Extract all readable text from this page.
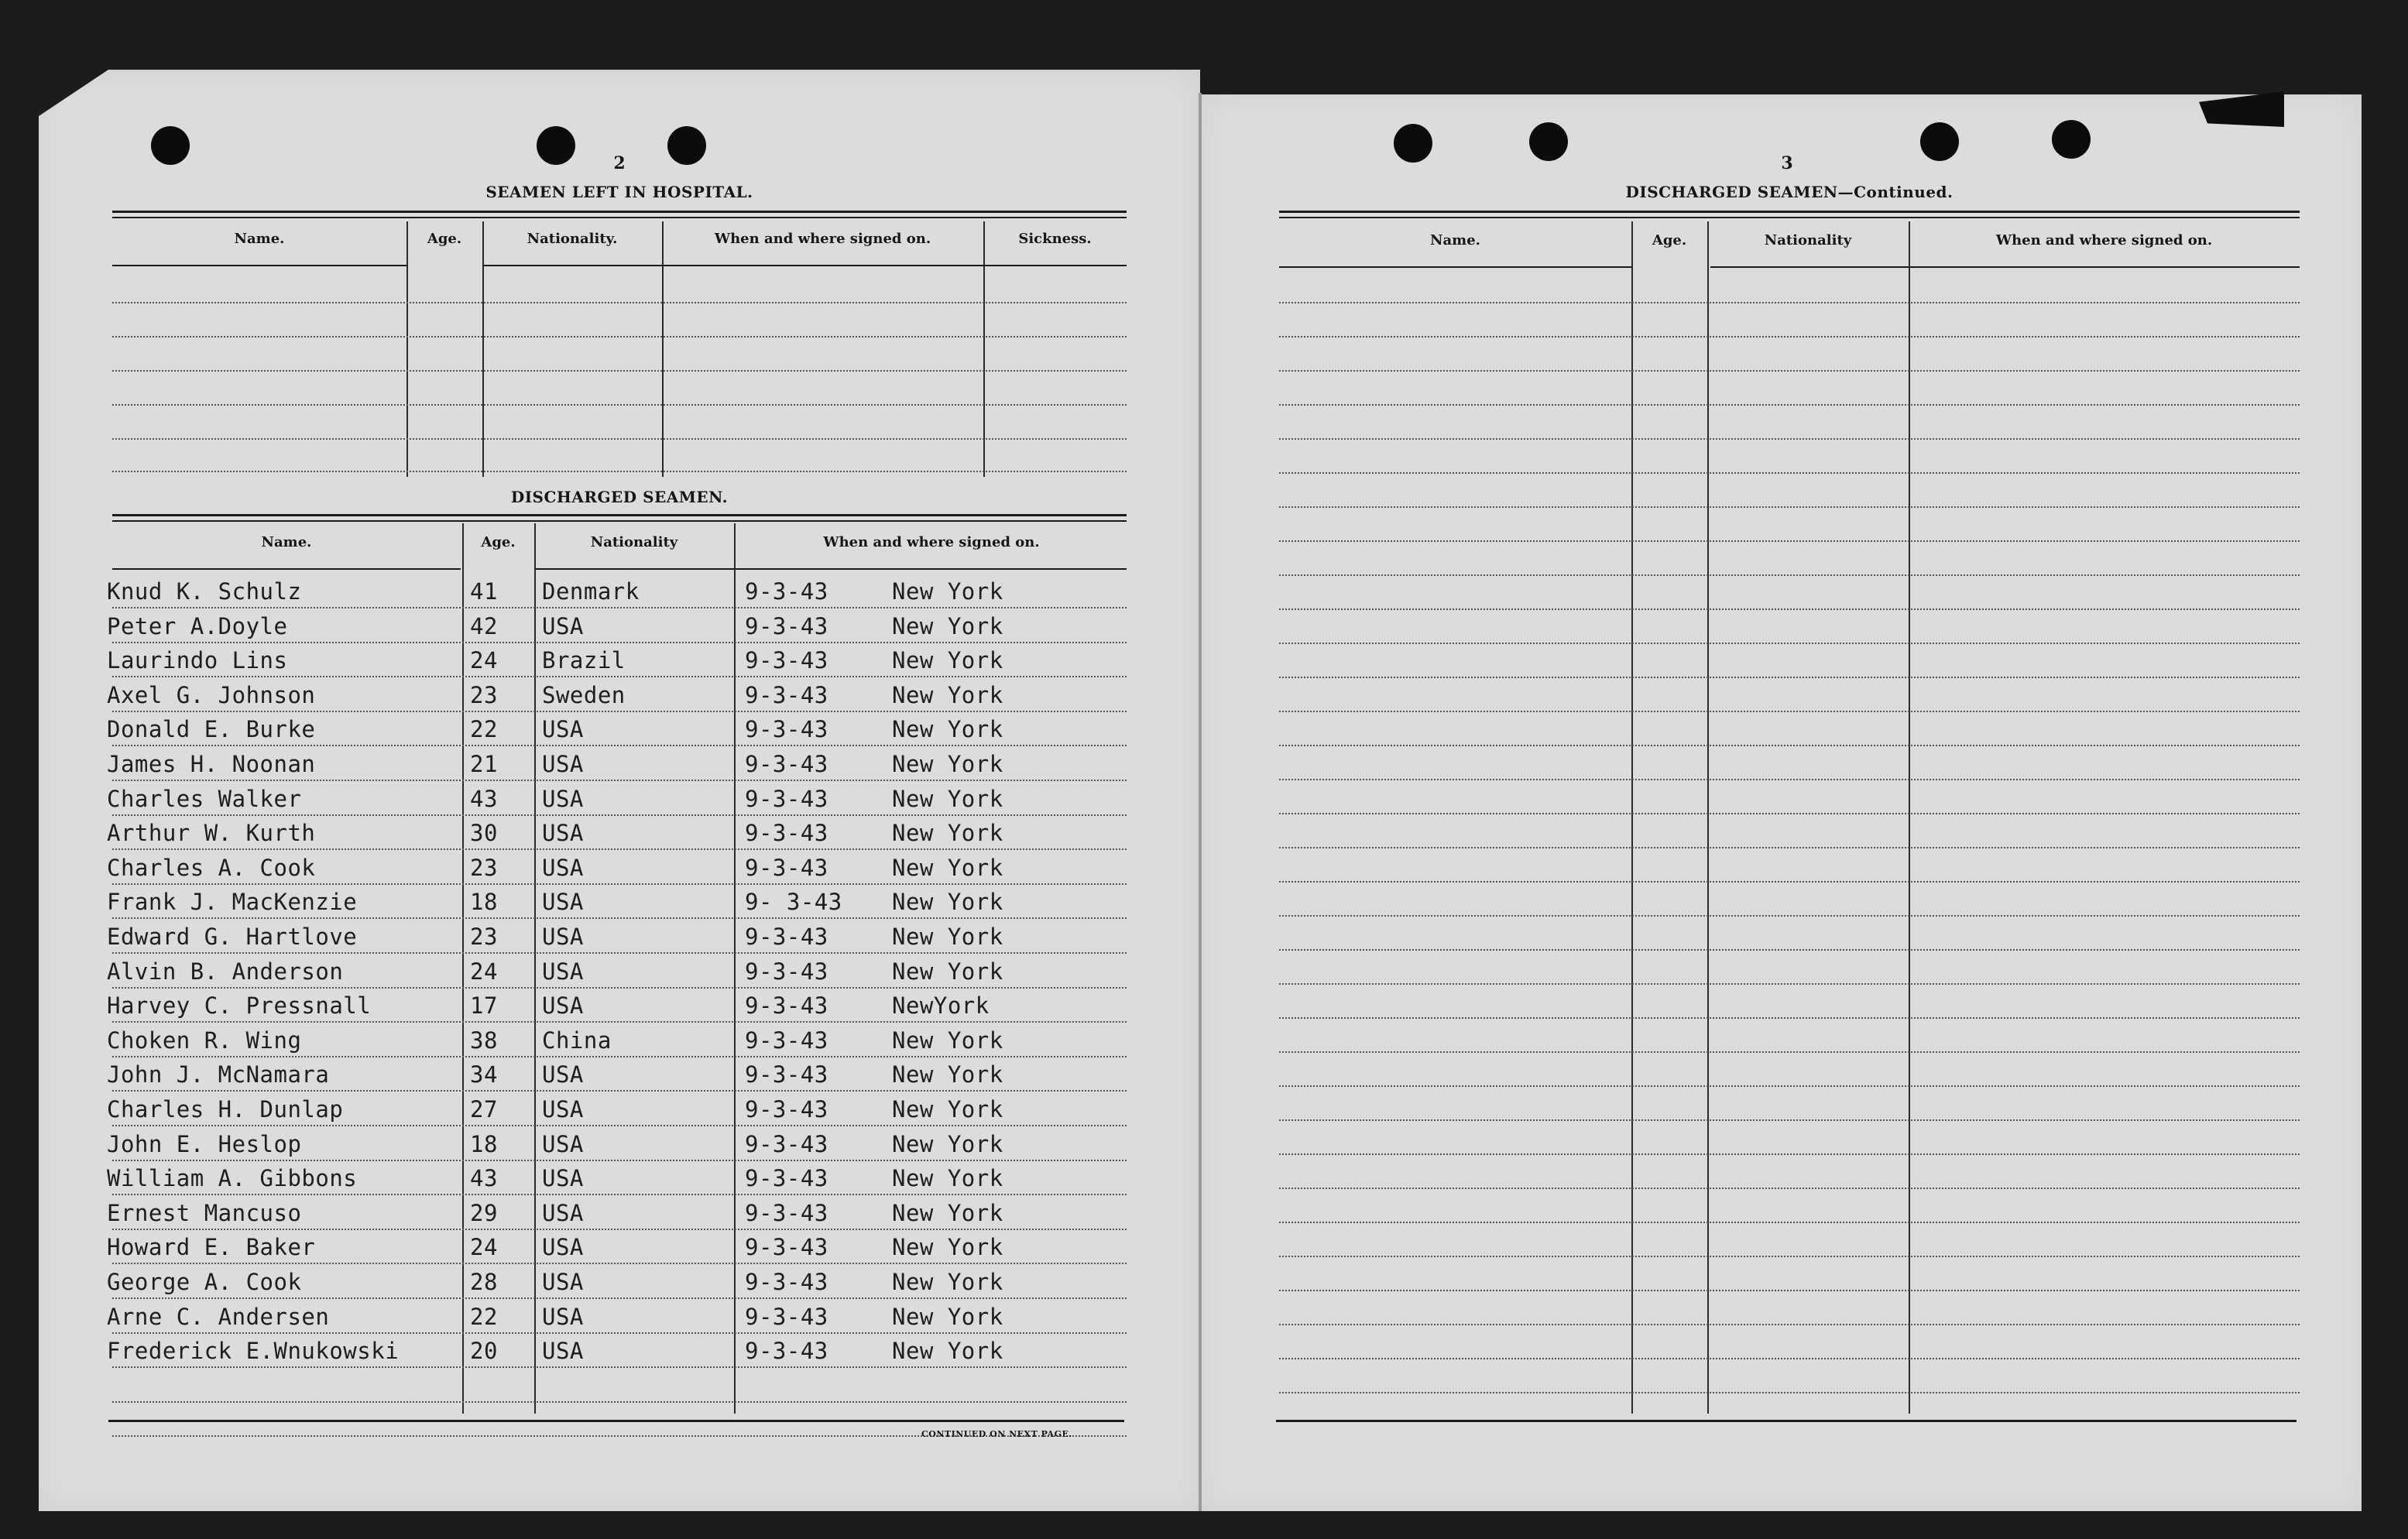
2
SEAMEN LEFT IN HOSPITAL.
Name.	Age.	Nationality.	When and where signed on.	Sickness.
DISCHARGED SEAMEN.
Name.	Age.	Nationality	When and where signed on.
Knud K. Schulz	41 Denmark	9-3-43	New York
Peter A.Doyle	42 USA	9-3-43	New York
Laurindo Lins	24 Brazil	9-3-43	New York
Axel G. Johnson	23 Sweden	9-3-43	New York
Donald E. Burke	22 USA	9-3-43	New York
James H. Noonan	21 USA	9-3-43	New York
Charles Walker	43 USA	9-3-43	New York
Arthur W. Kurth	30 USA	9-3-43	New York
Charles A. Cook	23 USA	9-3-43	New York
Frank J. MacKenzie	18 USA	9- 3-43 New York
Edward G. Hartlove	23 USA	9-3-43	New York
Alvin B. Anderson	24 USA	9-3-43	New York
Harvey C. Pressnall	17 USA	9-3-43	NewYork
Choken R. Wing	38 China	9-3-43	New York
John J. McNamara	34 USA	9-3-43	New York
Charles H. Dunlap	27 USA	9-3-43	New York
John E. Heslop	18 USA	9-3-43	New York
William A. Gibbons	43 USA	9-3-43	New York
Ernest Mancuso	29 USA	9-3-43	New York
Howard E. Baker	24 USA	9-3-43	New York
George A. Cook	28 USA	9-3-43	New York
Arne C. Andersen	22 USA	9-3-43	New York
Frederick E.Wnukowski	20 USA	9-3-43	New York
CONTINUED ON NEXT PAGE.
3
DISCHARGED SEAMEN—Continued.
Name.	Age.	Nationality	When and where signed on.
